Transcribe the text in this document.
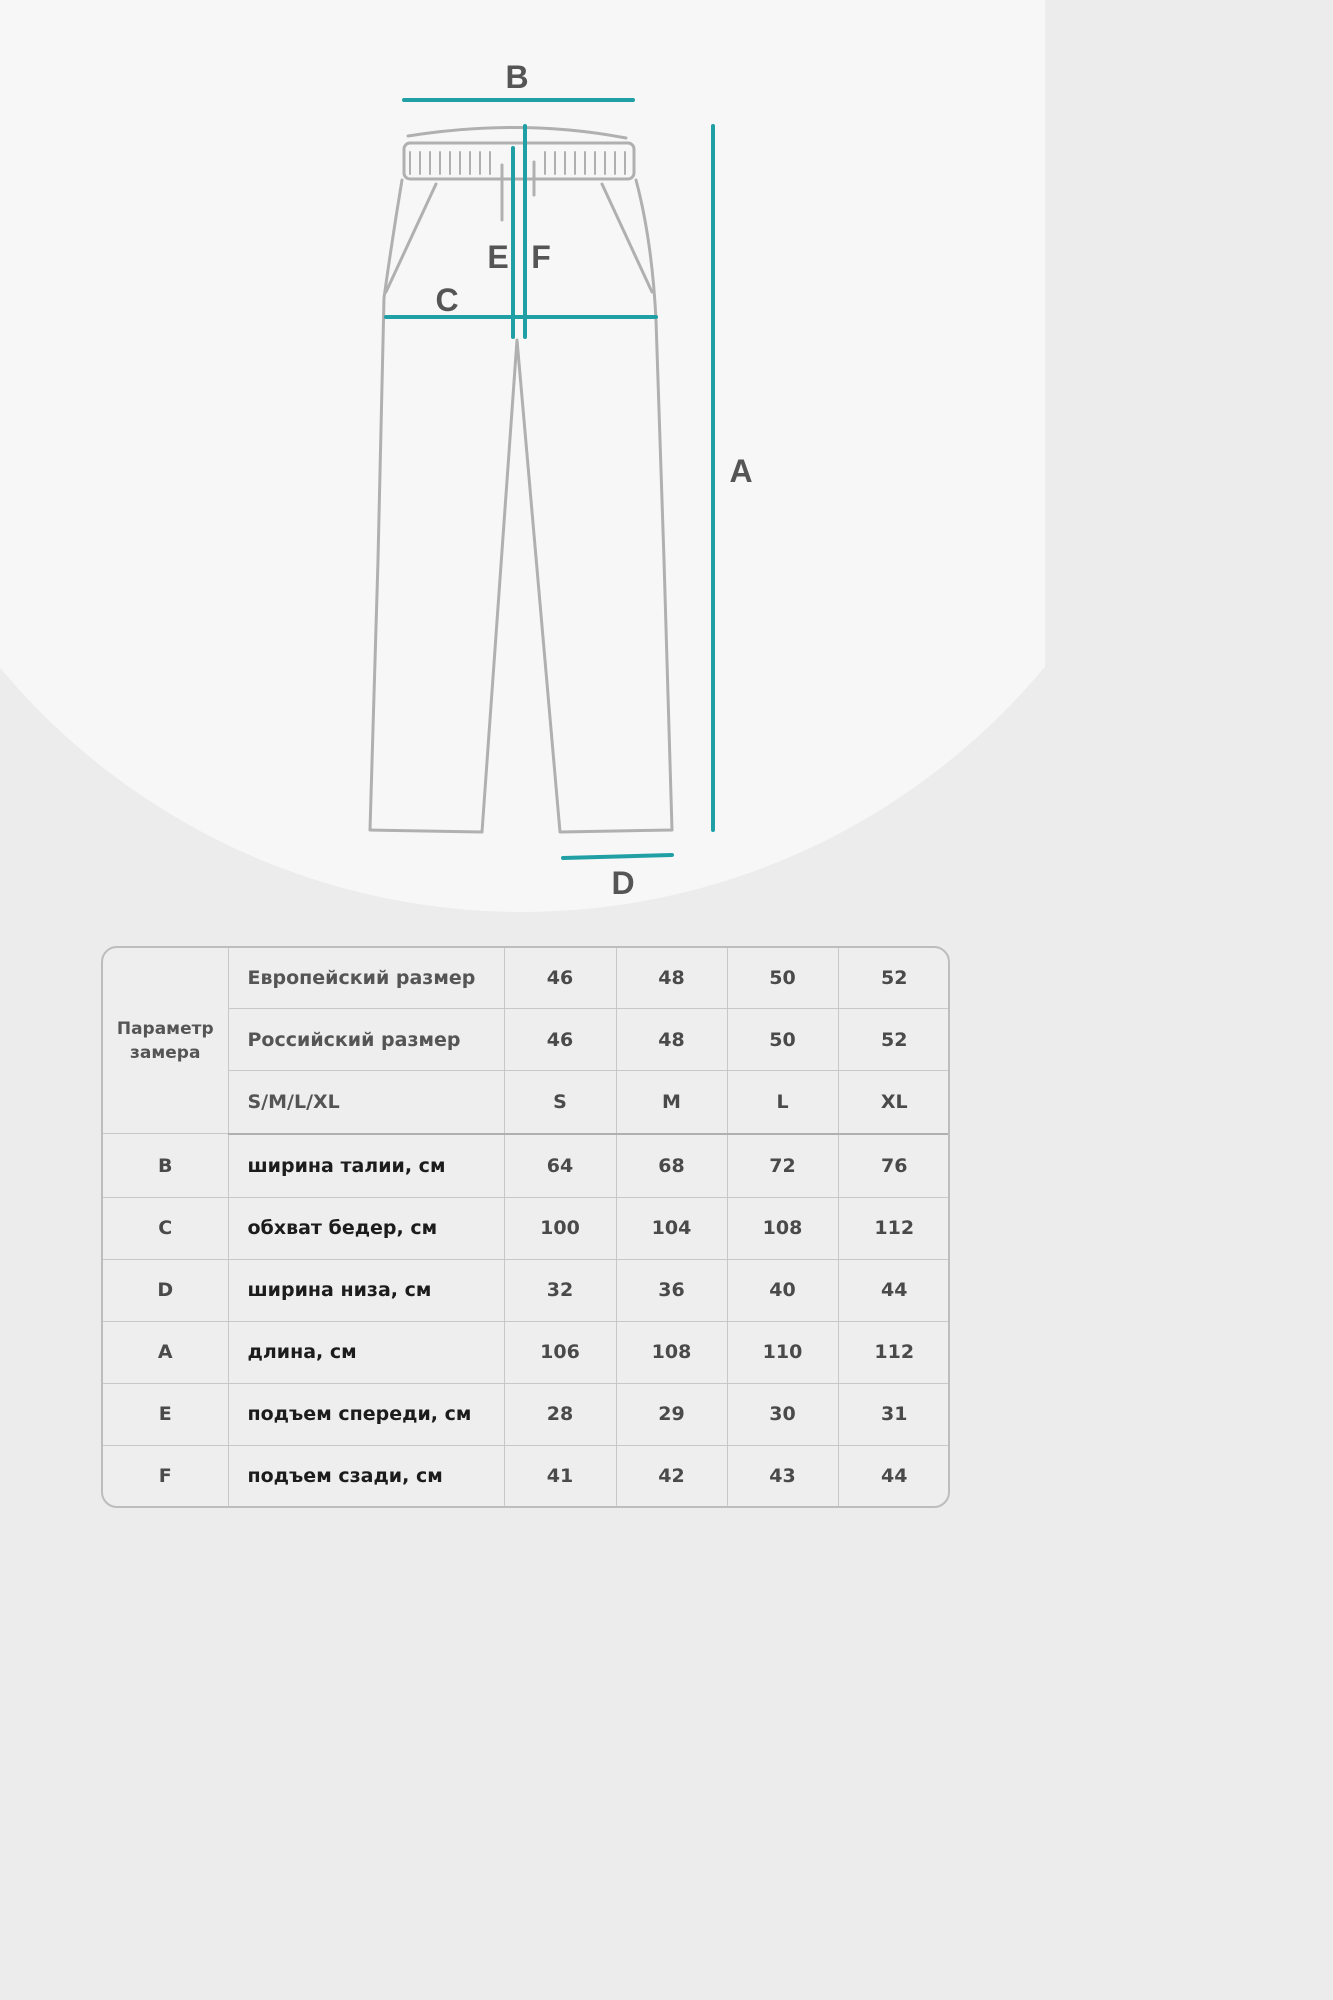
B
A
C
E F
D
Параметр
замера	Европейский размер	46	48	50	52
	Российский размер	46	48	50	52
	S/M/L/XL	S	M	L	XL
B	ширина талии, см	64	68	72	76
C	обхват бедер, см	100	104	108	112
D	ширина низа, см	32	36	40	44
A	длина, см	106	108	110	112
E	подъем спереди, см	28	29	30	31
F	подъем сзади, см	41	42	43	44
